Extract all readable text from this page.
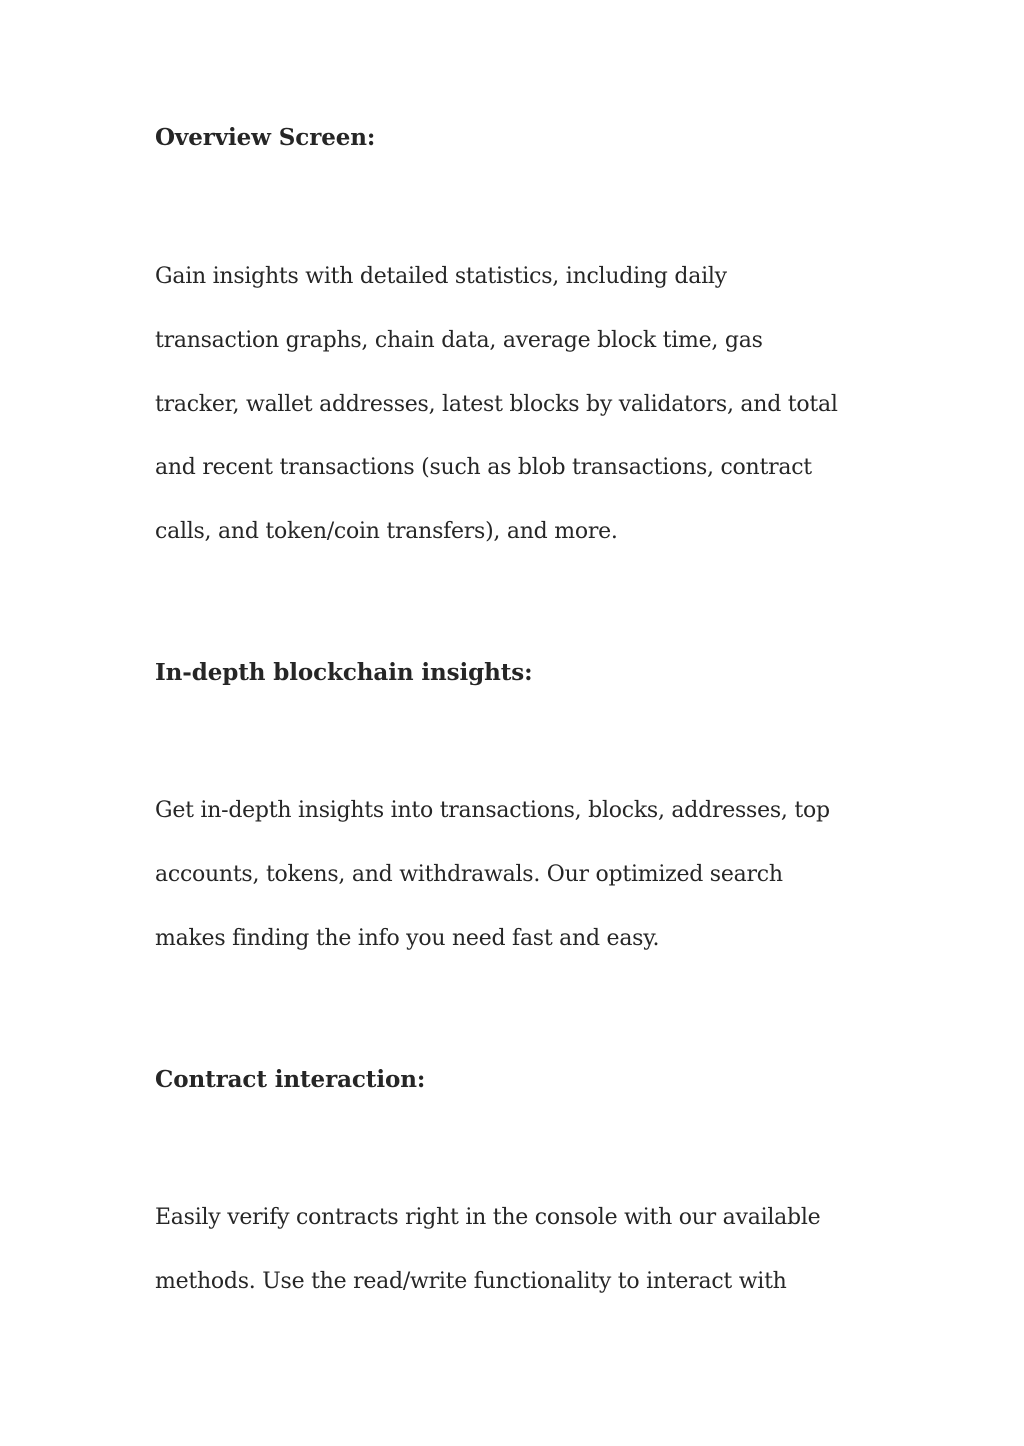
Overview Screen:

Gain insights with detailed statistics, including daily

transaction graphs, chain data, average block time, gas

tracker, wallet addresses, latest blocks by validators, and total

and recent transactions (such as blob transactions, contract

calls, and token/coin transfers), and more.

In-depth blockchain insights:

Get in-depth insights into transactions, blocks, addresses, top

accounts, tokens, and withdrawals. Our optimized search

makes finding the info you need fast and easy.

Contract interaction:

Easily verify contracts right in the console with our available

methods. Use the read/write functionality to interact with
